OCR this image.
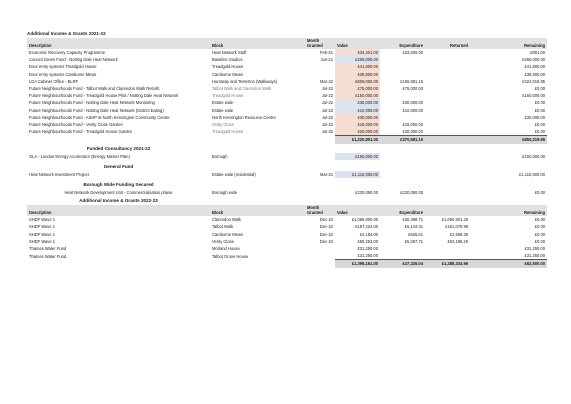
Additional Income & Grants 2021-22
Description	Block	Month Granted	Value	Expenditure	Returned	Remaining
Economic Recovery Capacity Programme	Heat Network Staff	Feb-21	£34,401.00	£33,600.00		£801.00
Council Green Fund - Notting Dale Heat Network	Baseline Studios	Jun-21	£266,000.00			£266,000.00
Door entry systems Treadgold House	Treadgold House		£41,800.00			£41,800.00
Door entry systems Camborne Mews	Camborne Mews		£39,600.00			£39,600.00
LGA Cabinet Office - BLRF	Hurstway and Testerton (Walkways)	Mar-22	£509,000.00	£186,981.15		£322,018.85
Future Neighbourhoods Fund - Talbot Walk and Clarendon Walk Retrofit	Talbot Walk and Clarendon Walk	Jul-22	£75,000.00	£75,000.00		£0.00
Future Neighbourhoods Fund - Treadgold House Pilot / Notting Dale Heat Network	Treadgold House	Jul-22	£160,000.00			£160,000.00
Future Neighbourhoods Fund - Notting Dale Heat Network Monitoring	Estate wide	Jul-22	£30,000.00	£30,000.00		£0.00
Future Neighbourhoods Fund - Notting Dale Heat Network (District Eating)	Estate wide	Jul-22	£10,000.00	£10,000.00		£0.00
Future Neighbourhoods Fund - ASHP at North Kensington Community Centre	North Kensington Resource Centre	Jul-22	£30,000.00			£30,000.00
Future Neighbourhoods Fund - Verity Close Garden	Verity Close	Jul-22	£15,000.00	£15,000.00		£0.00
Future Neighbourhoods Fund - Treadgold House Garden	Treadgold House	Jul-22	£20,000.00	£20,000.00		£0.00
			£1,220,801.00	£370,581.15		£850,219.85
Funded Consultancy 2021-22
GLA - London Energy Accelerator (Energy Master Plan)	Borough		£150,000.00			£150,000.00
General Fund
Heat Network Investment Project	Estate wide (residential)	Mar-21	£1,116,000.00			£1,116,000.00
Borough Wide Funding Secured
Heat Network Development Unit - Commercialisation phase	Borough wide		£230,050.00	£230,050.00		£0.00
Additional Income & Grants 2022-23
Description	Block	Month Granted	Value	Expenditure		Remaining
SHDF Wave 1	Clarendon Walk	Dec-22	£1,086,000.00	£30,498.71	£1,050,501.29	£0.00
SHDF Wave 1	Talbot Walk	Dec-22	£187,224.00	£6,144.01	£181,079.99	£0.00
SHDF Wave 1	Camborne Mews	Dec-22	£3,184.00	£625.61	£2,558.39	£0.00
SHDF Wave 1	Verity Close	Dec-22	£59,253.00	£5,057.71	£54,195.29	£0.00
Thames Water Fund	Morland House		£31,250.00			£31,250.00
Thames Water Fund	Talbot Grove House		£31,250.00			£31,250.00
			£1,398,161.00	£47,326.04	£1,288,334.96	£62,500.00
